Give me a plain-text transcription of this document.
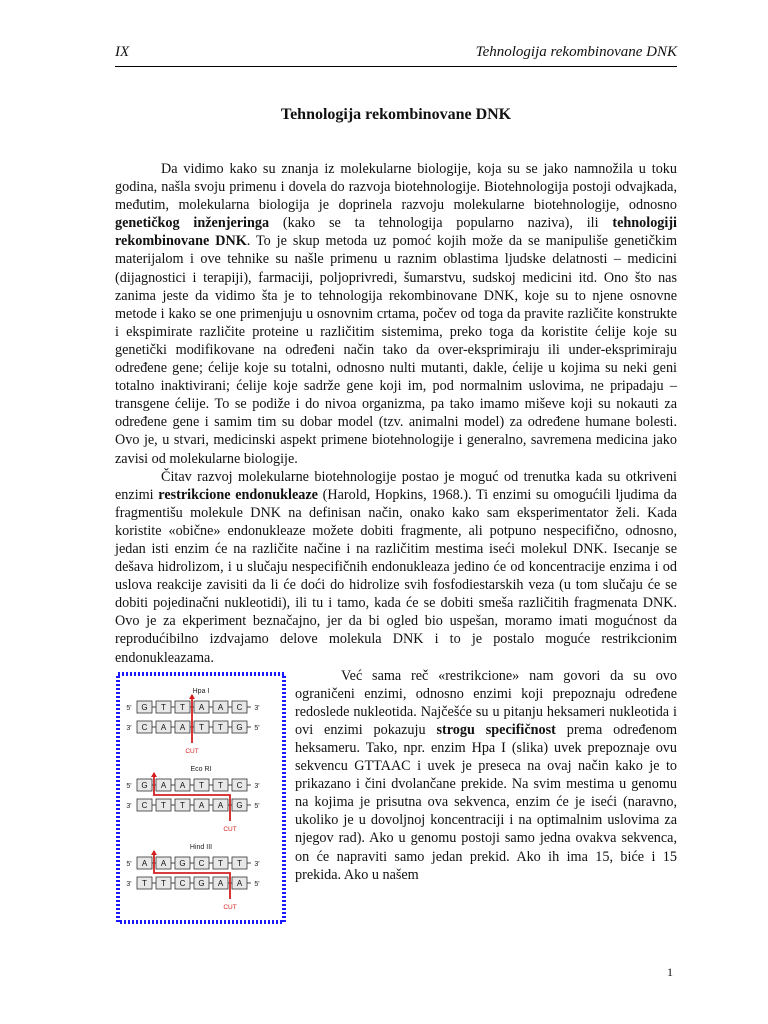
IX	Tehnologija rekombinovane DNK
Tehnologija rekombinovane DNK

Da vidimo kako su znanja iz molekularne biologije, koja su se jako namnožila u toku godina, našla svoju primenu i dovela do razvoja biotehnologije. Biotehnologija postoji odvajkada, međutim, molekularna biologija je doprinela razvoju molekularne biotehnologije, odnosno genetičkog inženjeringa (kako se ta tehnologija popularno naziva), ili tehnologiji rekombinovane DNK. To je skup metoda uz pomoć kojih može da se manipuliše genetičkim materijalom i ove tehnike su našle primenu u raznim oblastima ljudske delatnosti – medicini (dijagnostici i terapiji), farmaciji, poljoprivredi, šumarstvu, sudskoj medicini itd. Ono što nas zanima jeste da vidimo šta je to tehnologija rekombinovane DNK, koje su to njene osnovne metode i kako se one primenjuju u osnovnim crtama, počev od toga da pravite različite konstrukte i ekspimirate različite proteine u različitim sistemima, preko toga da koristite ćelije koje su genetički modifikovane na određeni način tako da over-eksprimiraju ili under-eksprimiraju određene gene; ćelije koje su totalni, odnosno nulti mutanti, dakle, ćelije u kojima su neki geni totalno inaktivirani; ćelije koje sadrže gene koji im, pod normalnim uslovima, ne pripadaju – transgene ćelije. To se podiže i do nivoa organizma, pa tako imamo miševe koji su nokauti za određene gene i samim tim su dobar model (tzv. animalni model) za određene humane bolesti. Ovo je, u stvari, medicinski aspekt primene biotehnologije i generalno, savremena medicina jako zavisi od molekularne biologije.

Čitav razvoj molekularne biotehnologije postao je moguć od trenutka kada su otkriveni enzimi restrikcione endonukleaze (Harold, Hopkins, 1968.). Ti enzimi su omogućili ljudima da fragmentišu molekule DNK na definisan način, onako kako sam eksperimentator želi. Kada koristite «obične» endonukleaze možete dobiti fragmente, ali potpuno nespecifično, odnosno, jedan isti enzim će na različite načine i na različitim mestima iseći molekul DNK. Isecanje se dešava hidrolizom, i u slučaju nespecifičnih endonukleaza jedino će od koncentracije enzima i od uslova reakcije zavisiti da li će doći do hidrolize svih fosfodiestarskih veza (u tom slučaju će se dobiti pojedinačni nukleotidi), ili tu i tamo, kada će se dobiti smeša različitih fragmenata DNK. Ovo je za ekperiment beznačajno, jer da bi ogled bio uspešan, moramo imati mogućnost da reprodućibilno izdvajamo delove molekula DNK i to je postalo moguće restrikcionim endonukleazama.

Hpa I
5'
3'
3'
5'
G T T A A C
C A A T T G
CUT
Eco RI
5'
3'
3'
5'
G A A T T C
C T T A A G
CUT
Hind III
5'
3'
3'
5'
A A G C T T
T T C G A A
CUT

Već sama reč «restrikcione» nam govori da su ovo ograničeni enzimi, odnosno enzimi koji prepoznaju određene redosledе nukleotida. Najčešće su u pitanju heksameri nukleotida i ovi enzimi pokazuju strogu specifičnost prema određenom heksameru. Tako, npr. enzim Hpa I (slika) uvek prepoznaje ovu sekvencu GTTAAC i uvek je preseca na ovaj način kako je to prikazano i čini dvolančane prekide. Na svim mestima u genomu na kojima je prisutna ova sekvenca, enzim će je iseći (naravno, ukoliko je u dovoljnoj koncentraciji i na optimalnim uslovima za njegov rad). Ako u genomu postoji samo jedna ovakva sekvenca, on će napraviti samo jedan prekid. Ako ih ima 15, biće i 15 prekida. Ako u našem

1
